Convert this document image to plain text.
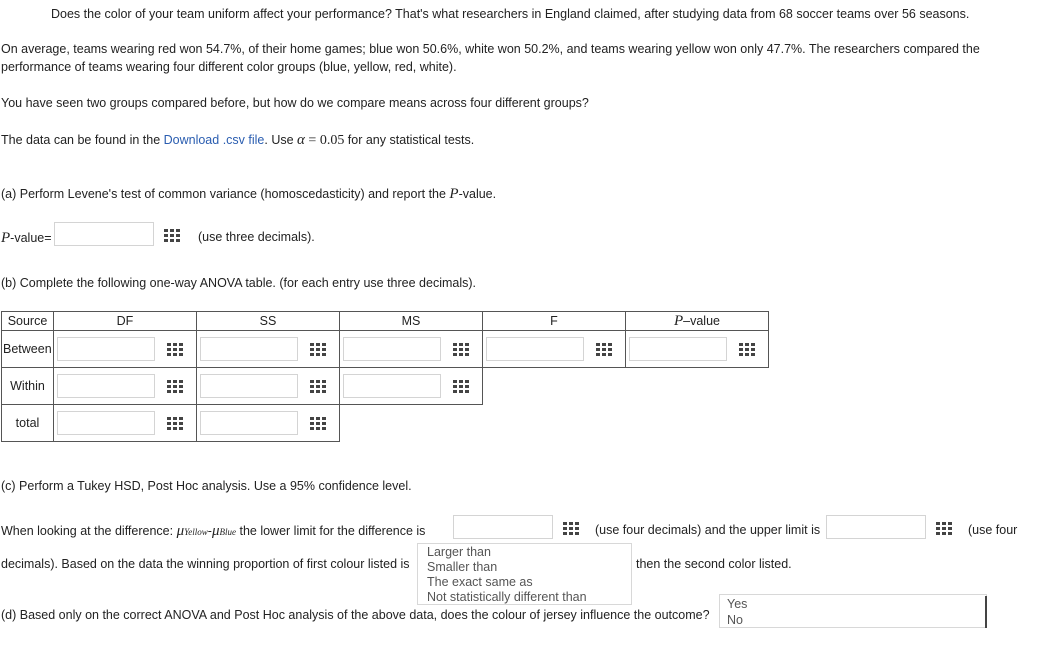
Does the color of your team uniform affect your performance? That's what researchers in England claimed, after studying data from 68 soccer teams over 56 seasons.
On average, teams wearing red won 54.7%, of their home games; blue won 50.6%, white won 50.2%, and teams wearing yellow won only 47.7%. The researchers compared the
performance of teams wearing four different color groups (blue, yellow, red, white).
You have seen two groups compared before, but how do we compare means across four different groups?
The data can be found in the Download .csv file. Use α = 0.05 for any statistical tests.
(a) Perform Levene's test of common variance (homoscedasticity) and report the P-value.
P-value=	(use three decimals).
(b) Complete the following one-way ANOVA table. (for each entry use three decimals).
Source	DF	SS	MS	F	P–value
Between	

Within	

total	

(c) Perform a Tukey HSD, Post Hoc analysis. Use a 95% confidence level.
When looking at the difference: μYellow-μBlue the lower limit for the difference is	(use four decimals) and the upper limit is	(use four
decimals). Based on the data the winning proportion of first colour listed is
Larger than
Smaller than
The exact same as
Not statistically different than
then the second color listed.
(d) Based only on the correct ANOVA and Post Hoc analysis of the above data, does the colour of jersey influence the outcome?
Yes
No
